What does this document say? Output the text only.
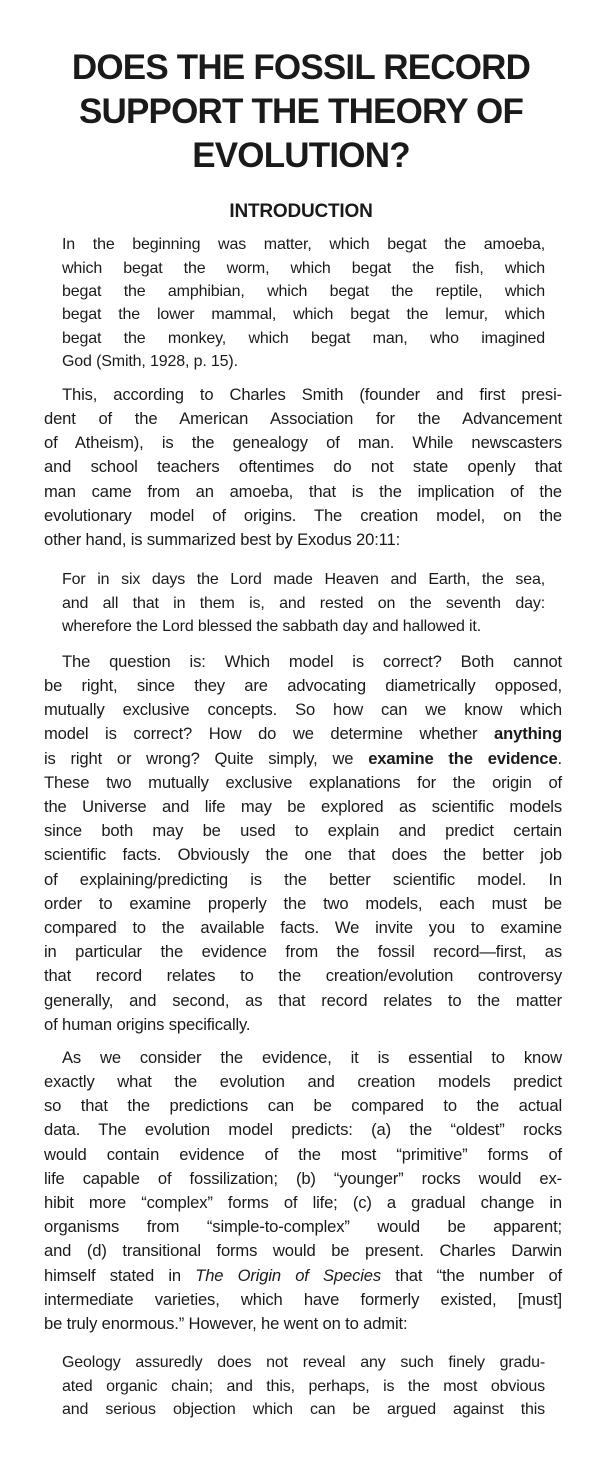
DOES THE FOSSIL RECORD
SUPPORT THE THEORY OF
EVOLUTION?
INTRODUCTION
In the beginning was matter, which begat the amoeba,
which begat the worm, which begat the fish, which
begat the amphibian, which begat the reptile, which
begat the lower mammal, which begat the lemur, which
begat the monkey, which begat man, who imagined
God (Smith, 1928, p. 15).
This, according to Charles Smith (founder and first presi-
dent of the American Association for the Advancement
of Atheism), is the genealogy of man. While newscasters
and school teachers oftentimes do not state openly that
man came from an amoeba, that is the implication of the
evolutionary model of origins. The creation model, on the
other hand, is summarized best by Exodus 20:11:
For in six days the Lord made Heaven and Earth, the sea,
and all that in them is, and rested on the seventh day:
wherefore the Lord blessed the sabbath day and hallowed it.
The question is: Which model is correct? Both cannot
be right, since they are advocating diametrically opposed,
mutually exclusive concepts. So how can we know which
model is correct? How do we determine whether anything
is right or wrong? Quite simply, we examine the evidence.
These two mutually exclusive explanations for the origin of
the Universe and life may be explored as scientific models
since both may be used to explain and predict certain
scientific facts. Obviously the one that does the better job
of explaining/predicting is the better scientific model. In
order to examine properly the two models, each must be
compared to the available facts. We invite you to examine
in particular the evidence from the fossil record—first, as
that record relates to the creation/evolution controversy
generally, and second, as that record relates to the matter
of human origins specifically.
As we consider the evidence, it is essential to know
exactly what the evolution and creation models predict
so that the predictions can be compared to the actual
data. The evolution model predicts: (a) the “oldest” rocks
would contain evidence of the most “primitive” forms of
life capable of fossilization; (b) “younger” rocks would ex-
hibit more “complex” forms of life; (c) a gradual change in
organisms from “simple-to-complex” would be apparent;
and (d) transitional forms would be present. Charles Darwin
himself stated in The Origin of Species that “the number of
intermediate varieties, which have formerly existed, [must]
be truly enormous.” However, he went on to admit:
Geology assuredly does not reveal any such finely gradu-
ated organic chain; and this, perhaps, is the most obvious
and serious objection which can be argued against this
